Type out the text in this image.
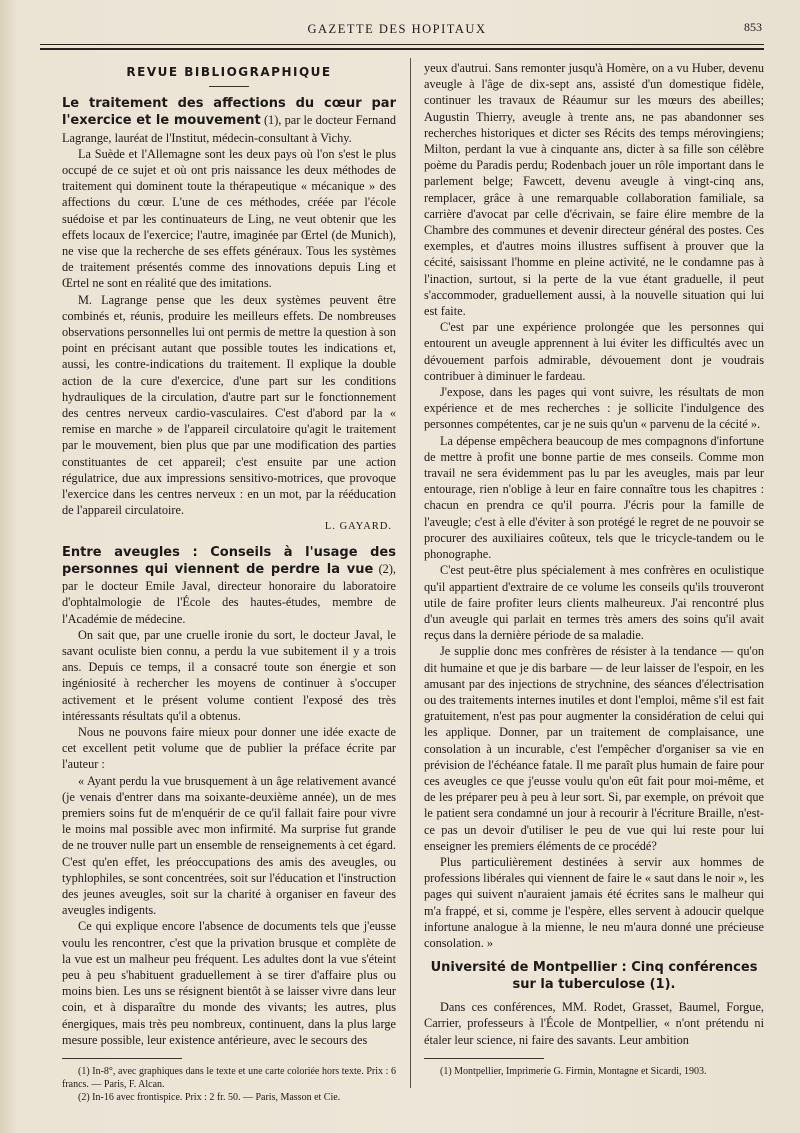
GAZETTE DES HOPITAUX	853
REVUE BIBLIOGRAPHIQUE

Le traitement des affections du cœur par l'exercice et le mouvement (1), par le docteur Fernand Lagrange, lauréat de l'Institut, médecin-consultant à Vichy.

La Suède et l'Allemagne sont les deux pays où l'on s'est le plus occupé de ce sujet et où ont pris naissance les deux méthodes de traitement qui dominent toute la thérapeutique « mécanique » des affections du cœur. L'une de ces méthodes, créée par l'école suédoise et par les continuateurs de Ling, ne veut obtenir que les effets locaux de l'exercice; l'autre, imaginée par Œrtel (de Munich), ne vise que la recherche de ses effets généraux. Tous les systèmes de traitement présentés comme des innovations depuis Ling et Œrtel ne sont en réalité que des imitations.

M. Lagrange pense que les deux systèmes peuvent être combinés et, réunis, produire les meilleurs effets. De nombreuses observations personnelles lui ont permis de mettre la question à son point en précisant autant que possible toutes les indications et, aussi, les contre-indications du traitement. Il explique la double action de la cure d'exercice, d'une part sur les conditions hydrauliques de la circulation, d'autre part sur le fonctionnement des centres nerveux cardio-vasculaires. C'est d'abord par la « remise en marche » de l'appareil circulatoire qu'agit le traitement par le mouvement, bien plus que par une modification des parties constituantes de cet appareil; c'est ensuite par une action régulatrice, due aux impressions sensitivo-motrices, que provoque l'exercice dans les centres nerveux : en un mot, par la rééducation de l'appareil circulatoire.

L. GAYARD.

Entre aveugles : Conseils à l'usage des personnes qui viennent de perdre la vue (2), par le docteur Emile Javal, directeur honoraire du laboratoire d'ophtalmologie de l'École des hautes-études, membre de l'Académie de médecine.

On sait que, par une cruelle ironie du sort, le docteur Javal, le savant oculiste bien connu, a perdu la vue subitement il y a trois ans. Depuis ce temps, il a consacré toute son énergie et son ingéniosité à rechercher les moyens de continuer à s'occuper activement et le présent volume contient l'exposé des très intéressants résultats qu'il a obtenus.

Nous ne pouvons faire mieux pour donner une idée exacte de cet excellent petit volume que de publier la préface écrite par l'auteur :

« Ayant perdu la vue brusquement à un âge relativement avancé (je venais d'entrer dans ma soixante-deuxième année), un de mes premiers soins fut de m'enquérir de ce qu'il fallait faire pour vivre le moins mal possible avec mon infirmité. Ma surprise fut grande de ne trouver nulle part un ensemble de renseignements à cet égard. C'est qu'en effet, les préoccupations des amis des aveugles, ou typhlophiles, se sont concentrées, soit sur l'éducation et l'instruction des jeunes aveugles, soit sur la charité à organiser en faveur des aveugles indigents.

Ce qui explique encore l'absence de documents tels que j'eusse voulu les rencontrer, c'est que la privation brusque et complète de la vue est un malheur peu fréquent. Les adultes dont la vue s'éteint peu à peu s'habituent graduellement à se tirer d'affaire plus ou moins bien. Les uns se résignent bientôt à se laisser vivre dans leur coin, et à disparaître du monde des vivants; les autres, plus énergiques, mais très peu nombreux, continuent, dans la plus large mesure possible, leur existence antérieure, avec le secours des

(1) In-8°, avec graphiques dans le texte et une carte coloriée hors texte. Prix : 6 francs. — Paris, F. Alcan.

(2) In-16 avec frontispice. Prix : 2 fr. 50. — Paris, Masson et Cie.

yeux d'autrui. Sans remonter jusqu'à Homère, on a vu Huber, devenu aveugle à l'âge de dix-sept ans, assisté d'un domestique fidèle, continuer les travaux de Réaumur sur les mœurs des abeilles; Augustin Thierry, aveugle à trente ans, ne pas abandonner ses recherches historiques et dicter ses Récits des temps mérovingiens; Milton, perdant la vue à cinquante ans, dicter à sa fille son célèbre poème du Paradis perdu; Rodenbach jouer un rôle important dans le parlement belge; Fawcett, devenu aveugle à vingt-cinq ans, remplacer, grâce à une remarquable collaboration familiale, sa carrière d'avocat par celle d'écrivain, se faire élire membre de la Chambre des communes et devenir directeur général des postes. Ces exemples, et d'autres moins illustres suffisent à prouver que la cécité, saisissant l'homme en pleine activité, ne le condamne pas à l'inaction, surtout, si la perte de la vue étant graduelle, il peut s'accommoder, graduellement aussi, à la nouvelle situation qui lui est faite.

C'est par une expérience prolongée que les personnes qui entourent un aveugle apprennent à lui éviter les difficultés avec un dévouement parfois admirable, dévouement dont je voudrais contribuer à diminuer le fardeau.

J'expose, dans les pages qui vont suivre, les résultats de mon expérience et de mes recherches : je sollicite l'indulgence des personnes compétentes, car je ne suis qu'un « parvenu de la cécité ».

La dépense empêchera beaucoup de mes compagnons d'infortune de mettre à profit une bonne partie de mes conseils. Comme mon travail ne sera évidemment pas lu par les aveugles, mais par leur entourage, rien n'oblige à leur en faire connaître tous les chapitres : chacun en prendra ce qu'il pourra. J'écris pour la famille de l'aveugle; c'est à elle d'éviter à son protégé le regret de ne pouvoir se procurer des auxiliaires coûteux, tels que le tricycle-tandem ou le phonographe.

C'est peut-être plus spécialement à mes confrères en oculistique qu'il appartient d'extraire de ce volume les conseils qu'ils trouveront utile de faire profiter leurs clients malheureux. J'ai rencontré plus d'un aveugle qui parlait en termes très amers des soins qu'il avait reçus dans la dernière période de sa maladie.

Je supplie donc mes confrères de résister à la tendance — qu'on dit humaine et que je dis barbare — de leur laisser de l'espoir, en les amusant par des injections de strychnine, des séances d'électrisation ou des traitements internes inutiles et dont l'emploi, même s'il est fait gratuitement, n'est pas pour augmenter la considération de celui qui les applique. Donner, par un traitement de complaisance, une consolation à un incurable, c'est l'empêcher d'organiser sa vie en prévision de l'échéance fatale. Il me paraît plus humain de faire pour ces aveugles ce que j'eusse voulu qu'on eût fait pour moi-même, et de les préparer peu à peu à leur sort. Si, par exemple, on prévoit que le patient sera condamné un jour à recourir à l'écriture Braille, n'est-ce pas un devoir d'utiliser le peu de vue qui lui reste pour lui enseigner les premiers éléments de ce procédé?

Plus particulièrement destinées à servir aux hommes de professions libérales qui viennent de faire le « saut dans le noir », les pages qui suivent n'auraient jamais été écrites sans le malheur qui m'a frappé, et si, comme je l'espère, elles servent à adoucir quelque infortune analogue à la mienne, le neu m'aura donné une précieuse consolation. »

Université de Montpellier : Cinq conférences
sur la tuberculose (1).

Dans ces conférences, MM. Rodet, Grasset, Baumel, Forgue, Carrier, professeurs à l'École de Montpellier, « n'ont prétendu ni étaler leur science, ni faire des savants. Leur ambition

(1) Montpellier, Imprimerie G. Firmin, Montagne et Sicardi, 1903.
